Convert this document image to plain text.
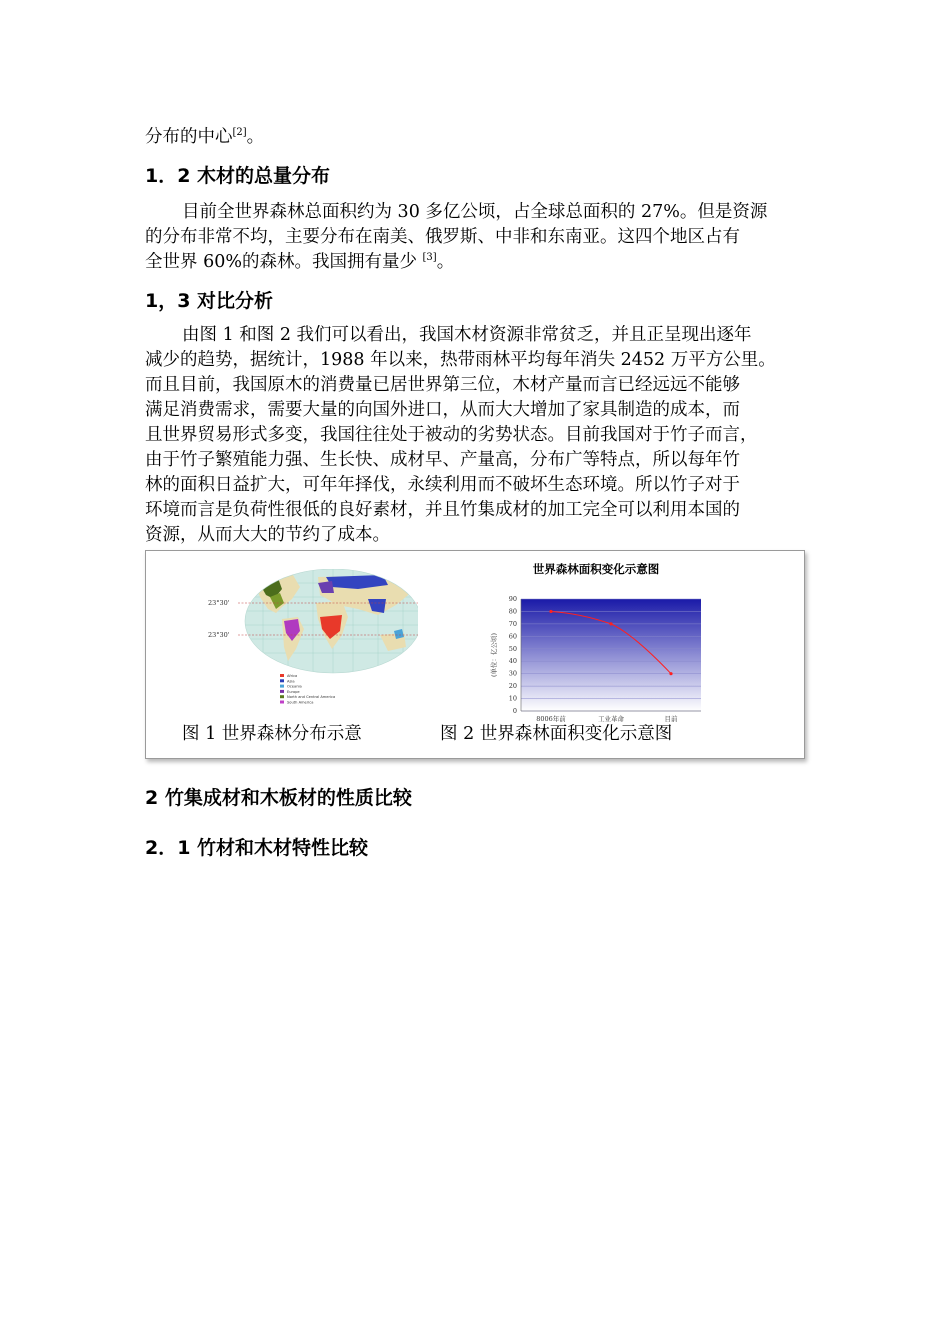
分布的中心[2]。
1．2 木材的总量分布
目前全世界森林总面积约为 30 多亿公顷，占全球总面积的 27%。但是资源
的分布非常不均，主要分布在南美、俄罗斯、中非和东南亚。这四个地区占有
全世界 60%的森林。我国拥有量少 [3]。
1，3 对比分析
由图 1 和图 2 我们可以看出，我国木材资源非常贫乏，并且正呈现出逐年
减少的趋势，据统计，1988 年以来，热带雨林平均每年消失 2452 万平方公里。
而且目前，我国原木的消费量已居世界第三位，木材产量而言已经远远不能够
满足消费需求，需要大量的向国外进口，从而大大增加了家具制造的成本，而
且世界贸易形式多变，我国往往处于被动的劣势状态。目前我国对于竹子而言，
由于竹子繁殖能力强、生长快、成材早、产量高，分布广等特点，所以每年竹
林的面积日益扩大，可年年择伐，永续利用而不破坏生态环境。所以竹子对于
环境而言是负荷性很低的良好素材，并且竹集成材的加工完全可以利用本国的
资源，从而大大的节约了成本。
23°30'
23°30'
Africa
Asia
Oceania
Europe
North and Central America
South America
世界森林面积变化示意图
0
10
20
30
40
50
60
70
80
90
8006年前	工业革命	目前
(单位：亿公顷)
图 1 世界森林分布示意	图 2 世界森林面积变化示意图
2 竹集成材和木板材的性质比较
2．1 竹材和木材特性比较
